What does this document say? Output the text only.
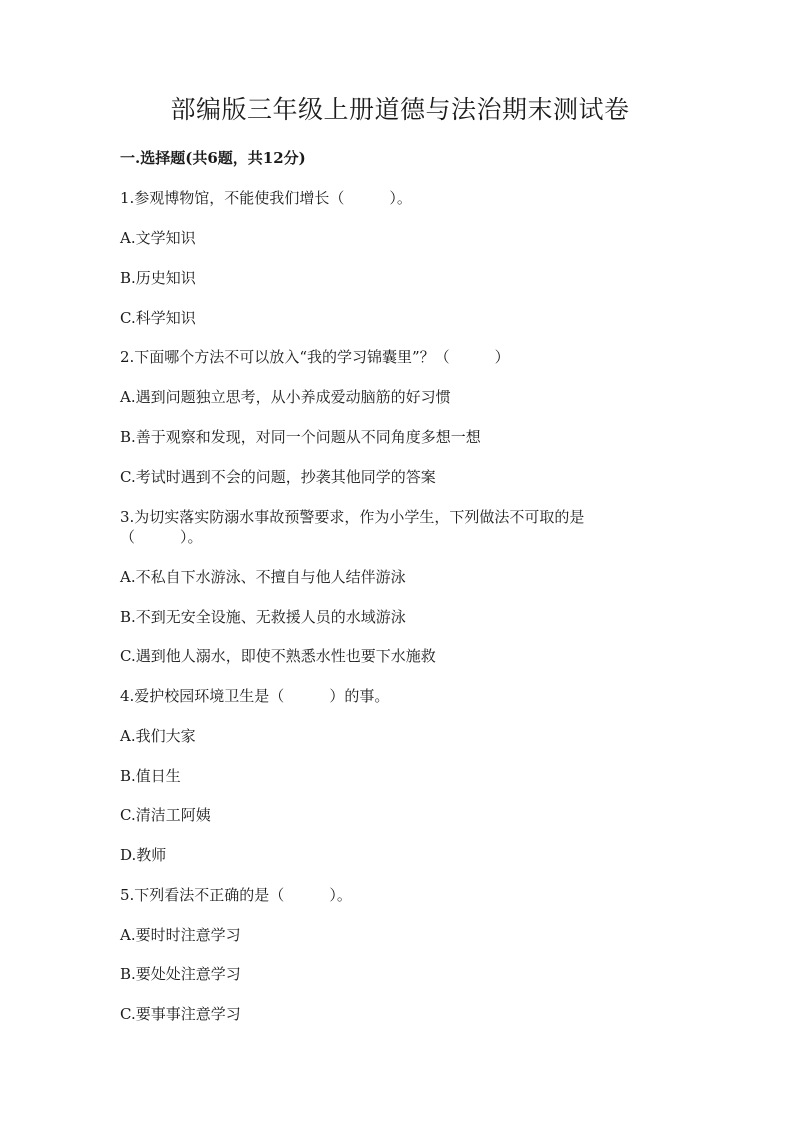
部编版三年级上册道德与法治期末测试卷
一.选择题(共6题，共12分)
1.参观博物馆，不能使我们增长（　　　）。
A.文学知识
B.历史知识
C.科学知识
2.下面哪个方法不可以放入“我的学习锦囊里”？（　　　）
A.遇到问题独立思考，从小养成爱动脑筋的好习惯
B.善于观察和发现，对同一个问题从不同角度多想一想
C.考试时遇到不会的问题，抄袭其他同学的答案
3.为切实落实防溺水事故预警要求，作为小学生，下列做法不可取的是
（　　　）。
A.不私自下水游泳、不擅自与他人结伴游泳
B.不到无安全设施、无救援人员的水域游泳
C.遇到他人溺水，即使不熟悉水性也要下水施救
4.爱护校园环境卫生是（　　　）的事。
A.我们大家
B.值日生
C.清洁工阿姨
D.教师
5.下列看法不正确的是（　　　）。
A.要时时注意学习
B.要处处注意学习
C.要事事注意学习
